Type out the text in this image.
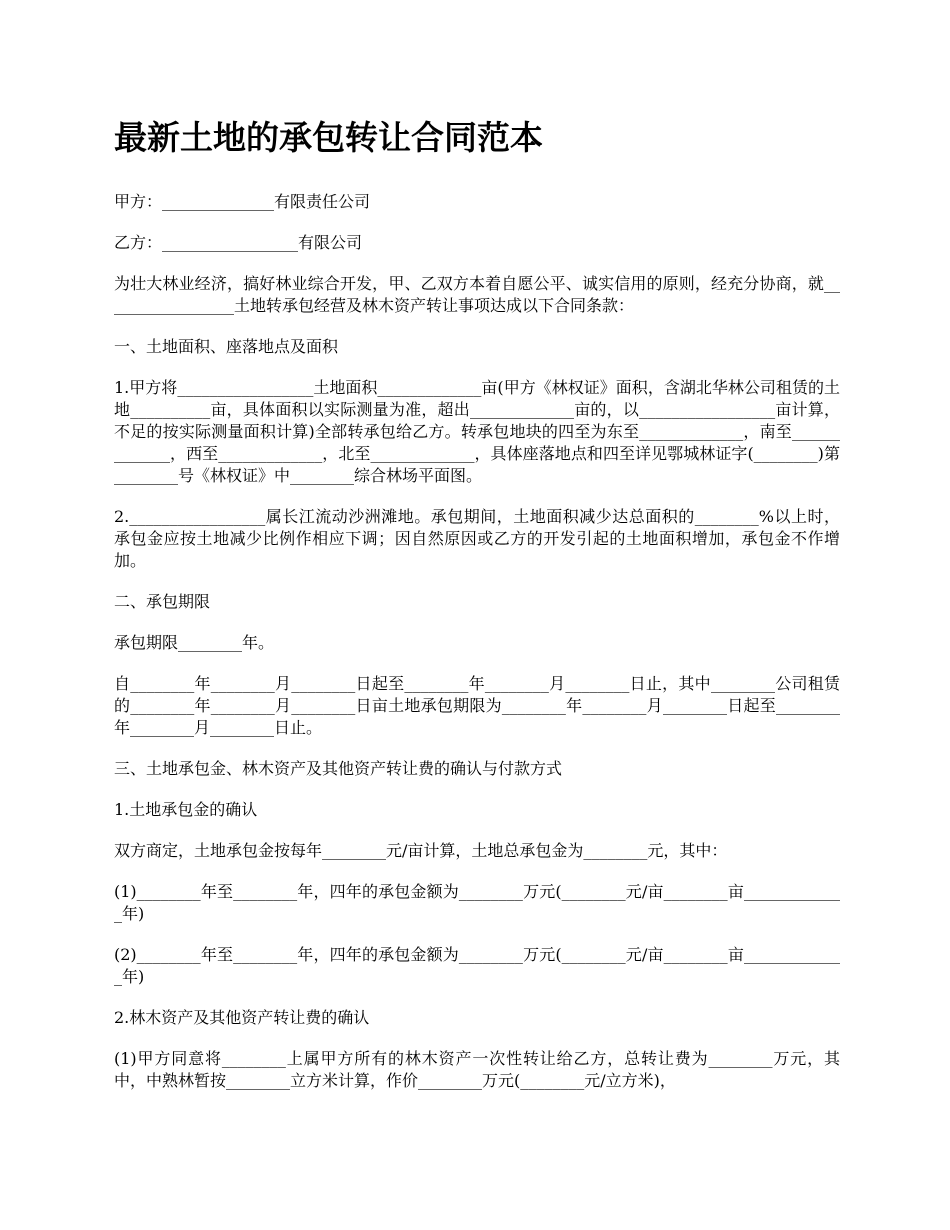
最新土地的承包转让合同范本

甲方：______________有限责任公司

乙方：_________________有限公司

为壮大林业经济，搞好林业综合开发，甲、乙双方本着自愿公平、诚实信用的原则，经充分协商，就_________________土地转承包经营及林木资产转让事项达成以下合同条款：

一、土地面积、座落地点及面积

1.甲方将_________________土地面积_____________亩(甲方《林权证》面积，含湖北华林公司租赁的土地__________亩，具体面积以实际测量为准，超出_____________亩的，以_________________亩计算，不足的按实际测量面积计算)全部转承包给乙方。转承包地块的四至为东至_____________，南至_____________，西至_____________，北至_____________，具体座落地点和四至详见鄂城林证字(________)第________号《林权证》中________综合林场平面图。

2._________________属长江流动沙洲滩地。承包期间，土地面积减少达总面积的________%以上时，承包金应按土地减少比例作相应下调；因自然原因或乙方的开发引起的土地面积增加，承包金不作增加。

二、承包期限

承包期限________年。

自________年________月________日起至________年________月________日止，其中________公司租赁的________年________月________日亩土地承包期限为________年________月________日起至________年________月________日止。

三、土地承包金、林木资产及其他资产转让费的确认与付款方式

1.土地承包金的确认

双方商定，土地承包金按每年________元/亩计算，土地总承包金为________元，其中：

(1)________年至________年，四年的承包金额为________万元(________元/亩________亩_____________年)

(2)________年至________年，四年的承包金额为________万元(________元/亩________亩_____________年)

2.林木资产及其他资产转让费的确认

(1)甲方同意将________上属甲方所有的林木资产一次性转让给乙方，总转让费为________万元，其中，中熟林暂按________立方米计算，作价________万元(________元/立方米)，
